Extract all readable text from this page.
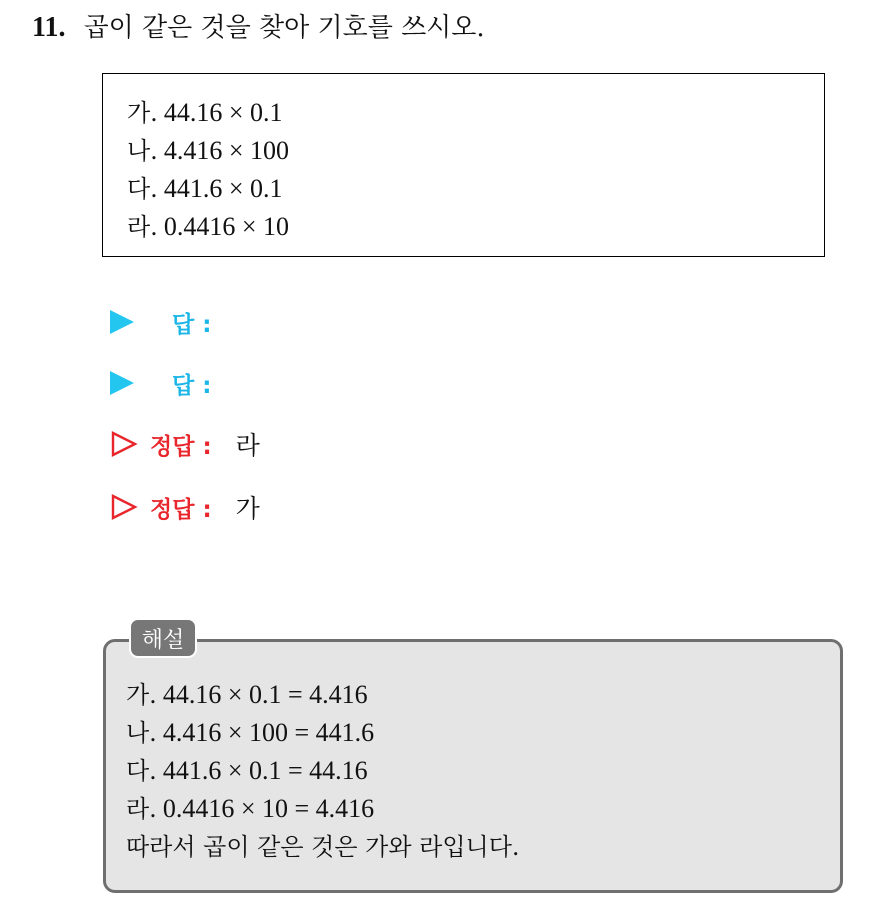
11. 곱이 같은 것을 찾아 기호를 쓰시오.
가. 44.16 × 0.1
나. 4.416 × 100
다. 441.6 × 0.1
라. 0.4416 × 10
답 :
답 :
정답 : 라
정답 : 가
가. 44.16 × 0.1 = 4.416
나. 4.416 × 100 = 441.6
다. 441.6 × 0.1 = 44.16
라. 0.4416 × 10 = 4.416
따라서 곱이 같은 것은 가와 라입니다.
해설
